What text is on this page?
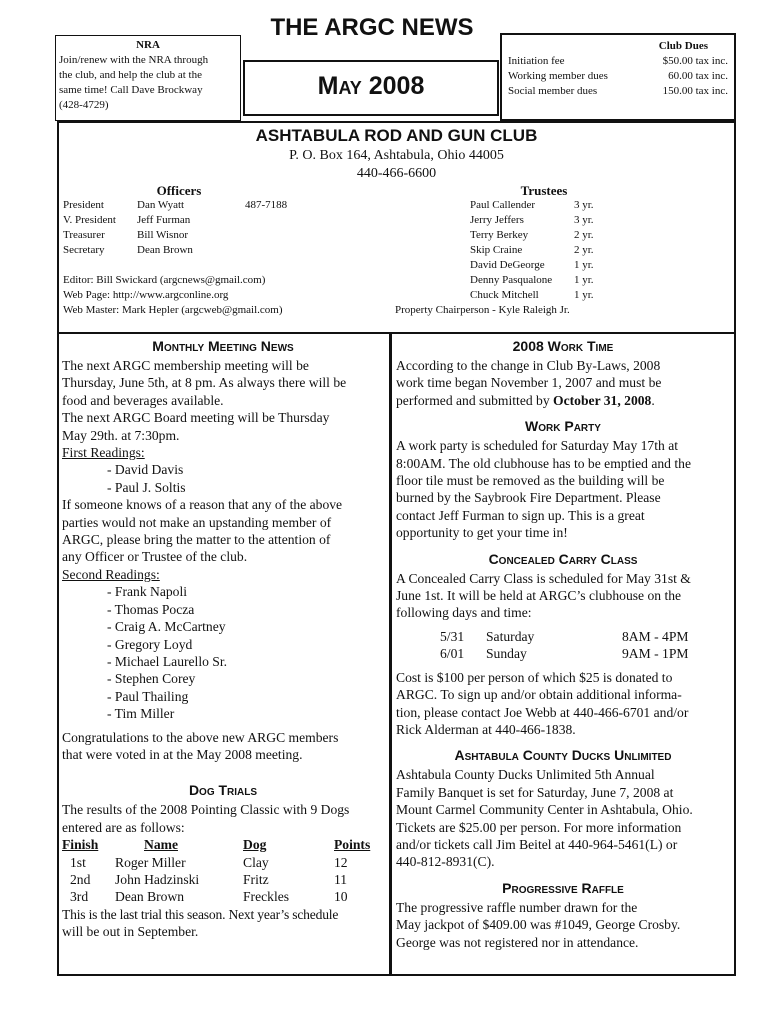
NRA
Join/renew with the NRA through
the club, and help the club at the
same time! Call Dave Brockway
(428-4729)
THE ARGC NEWS
May 2008
Club Dues
Initiation fee	$50.00 tax inc.
Working member dues	60.00 tax inc.
Social member dues	150.00 tax inc.
ASHTABULA ROD AND GUN CLUB
P. O. Box 164, Ashtabula, Ohio 44005
440-466-6600
Officers
President	Dan Wyatt	487-7188
V. President	Jeff Furman
Treasurer	Bill Wisnor
Secretary	Dean Brown
Editor: Bill Swickard (argcnews@gmail.com)
Web Page: http://www.argconline.org
Web Master: Mark Hepler (argcweb@gmail.com)
Trustees
Paul Callender	3 yr.
Jerry Jeffers	3 yr.
Terry Berkey	2 yr.
Skip Craine	2 yr.
David DeGeorge	1 yr.
Denny Pasqualone	1 yr.
Chuck Mitchell	1 yr.
Property Chairperson - Kyle Raleigh Jr.
Monthly Meeting News
The next ARGC membership meeting will be
Thursday, June 5th, at 8 pm. As always there will be
food and beverages available.
The next ARGC Board meeting will be Thursday
May 29th. at 7:30pm.
First Readings:
- David Davis
- Paul J. Soltis
If someone knows of a reason that any of the above
parties would not make an upstanding member of
ARGC, please bring the matter to the attention of
any Officer or Trustee of the club.
Second Readings:
- Frank Napoli
- Thomas Pocza
- Craig A. McCartney
- Gregory Loyd
- Michael Laurello Sr.
- Stephen Corey
- Paul Thailing
- Tim Miller
Congratulations to the above new ARGC members
that were voted in at the May 2008 meeting.
Dog Trials
The results of the 2008 Pointing Classic with 9 Dogs
entered are as follows:
Finish	Name	Dog	Points
1st	Roger Miller	Clay	12
2nd	John Hadzinski	Fritz	11
3rd	Dean Brown	Freckles	10
This is the last trial this season. Next year’s schedule
will be out in September.
2008 Work Time
According to the change in Club By-Laws, 2008
work time began November 1, 2007 and must be
performed and submitted by October 31, 2008.
Work Party
A work party is scheduled for Saturday May 17th at
8:00AM. The old clubhouse has to be emptied and the
floor tile must be removed as the building will be
burned by the Saybrook Fire Department. Please
contact Jeff Furman to sign up. This is a great
opportunity to get your time in!
Concealed Carry Class
A Concealed Carry Class is scheduled for May 31st &
June 1st. It will be held at ARGC’s clubhouse on the
following days and time:
5/31	Saturday	8AM - 4PM
6/01	Sunday	9AM - 1PM
Cost is $100 per person of which $25 is donated to
ARGC. To sign up and/or obtain additional informa-
tion, please contact Joe Webb at 440-466-6701 and/or
Rick Alderman at 440-466-1838.
Ashtabula County Ducks Unlimited
Ashtabula County Ducks Unlimited 5th Annual
Family Banquet is set for Saturday, June 7, 2008 at
Mount Carmel Community Center in Ashtabula, Ohio.
Tickets are $25.00 per person. For more information
and/or tickets call Jim Beitel at 440-964-5461(L) or
440-812-8931(C).
Progressive Raffle
The progressive raffle number drawn for the
May jackpot of $409.00 was #1049, George Crosby.
George was not registered nor in attendance.
